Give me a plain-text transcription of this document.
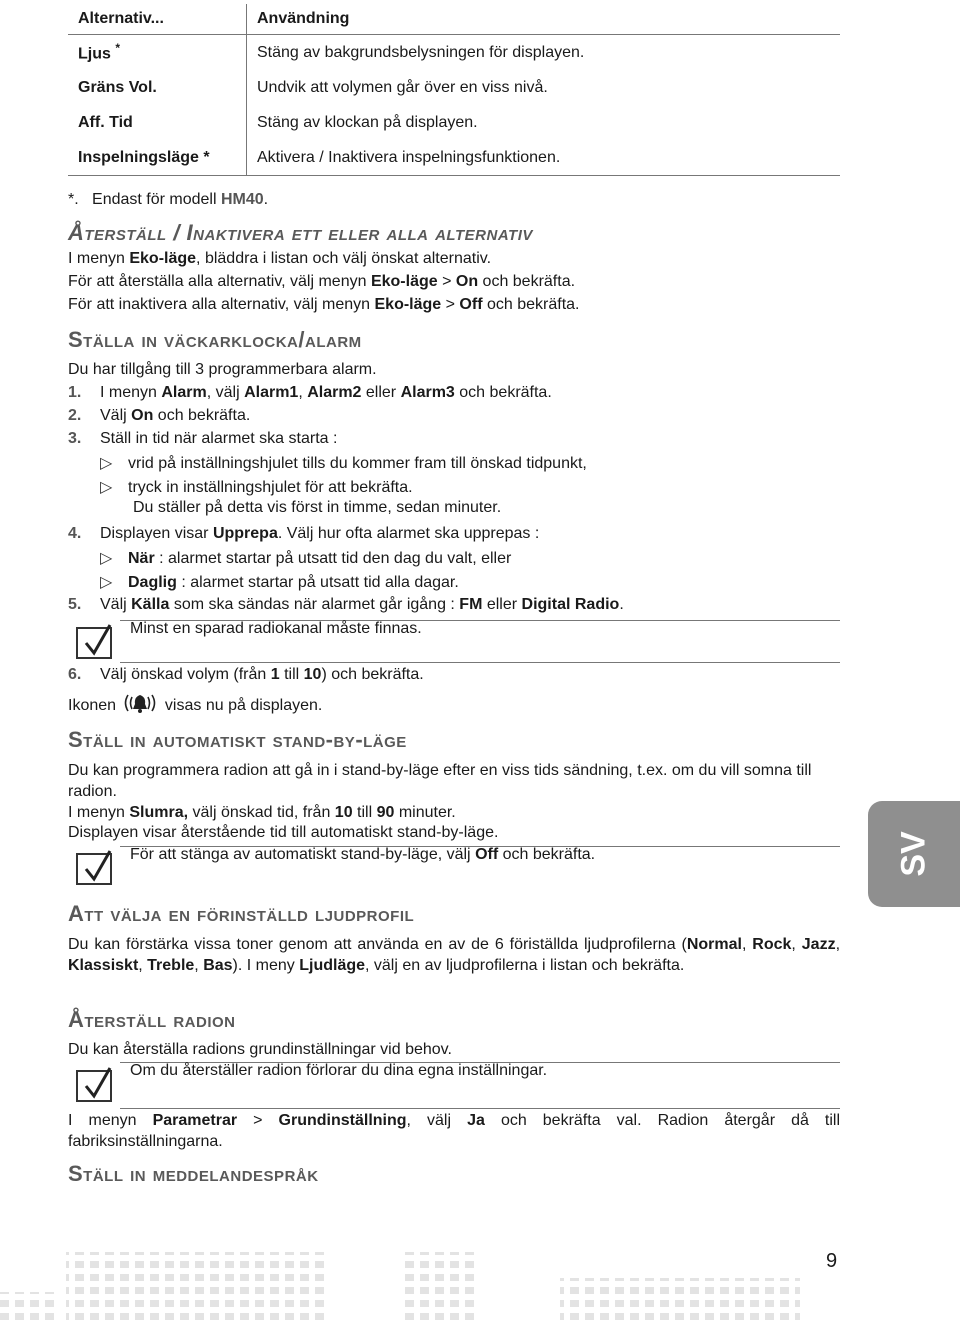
Alternativ...	Användning
Ljus *	Stäng av bakgrundsbelysningen för displayen.
Gräns Vol.	Undvik att volymen går över en viss nivå.
Aff. Tid	Stäng av klockan på displayen.
Inspelningsläge *	Aktivera / Inaktivera inspelningsfunktionen.
*. Endast för modell HM40.
Återställ / Inaktivera ett eller alla alternativ
I menyn Eko-läge, bläddra i listan och välj önskat alternativ.
För att återställa alla alternativ, välj menyn Eko-läge > On och bekräfta.
För att inaktivera alla alternativ, välj menyn Eko-läge > Off och bekräfta.
Ställa in väckarklocka/alarm
Du har tillgång till 3 programmerbara alarm.
1. I menyn Alarm, välj Alarm1, Alarm2 eller Alarm3 och bekräfta.
2. Välj On och bekräfta.
3. Ställ in tid när alarmet ska starta :
▷ vrid på inställningshjulet tills du kommer fram till önskad tidpunkt,
▷ tryck in inställningshjulet för att bekräfta.
Du ställer på detta vis först in timme, sedan minuter.
4. Displayen visar Upprepa. Välj hur ofta alarmet ska upprepas :
▷ När : alarmet startar på utsatt tid den dag du valt, eller
▷ Daglig : alarmet startar på utsatt tid alla dagar.
5. Välj Källa som ska sändas när alarmet går igång : FM eller Digital Radio.
Minst en sparad radiokanal måste finnas.
6. Välj önskad volym (från 1 till 10) och bekräfta.
Ikonen	visas nu på displayen.
Ställ in automatiskt stand-by-läge
Du kan programmera radion att gå in i stand-by-läge efter en viss tids sändning, t.ex. om du vill somna till radion.
I menyn Slumra, välj önskad tid, från 10 till 90 minuter.
Displayen visar återstående tid till automatiskt stand-by-läge.
För att stänga av automatiskt stand-by-läge, välj Off och bekräfta.
Att välja en förinställd ljudprofil
Du kan förstärka vissa toner genom att använda en av de 6 föriställda ljudprofilerna (Normal, Rock, Jazz, Klassiskt, Treble, Bas). I meny Ljudläge, välj en av ljudprofilerna i listan och bekräfta.
Återställ radion
Du kan återställa radions grundinställningar vid behov.
Om du återställer radion förlorar du dina egna inställningar.
I menyn Parametrar > Grundinställning, välj Ja och bekräfta val. Radion återgår då till fabriksinställningarna.
Ställ in meddelandespråk
SV
9
